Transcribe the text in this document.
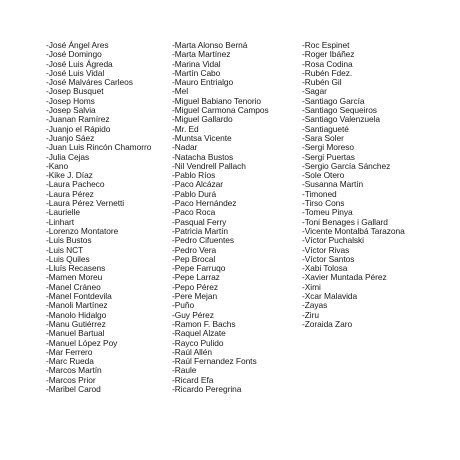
-José Ángel Ares
-José Domingo
-José Luis Ágreda
-José Luis Vidal
-José Malváres Carleos
-Josep Busquet
-Josep Homs
-Josep Salvia
-Juanan Ramírez
-Juanjo el Rápido
-Juanjo Sáez
-Juan Luis Rincón Chamorro
-Julia Cejas
-Kano
-Kike J. Díaz
-Laura Pacheco
-Laura Pérez
-Laura Pérez Vernetti
-Laurielle
-Linhart
-Lorenzo Montatore
-Luis Bustos
-Luis NCT
-Luis Quiles
-Lluís Recasens
-Mamen Moreu
-Manel Cráneo
-Manel Fontdevila
-Manoli Martínez
-Manolo Hidalgo
-Manu Gutiérrez
-Manuel Bartual
-Manuel López Poy
-Mar Ferrero
-Marc Rueda
-Marcos Martín
-Marcos Prior
-Maribel Carod
-Marta Alonso Berná
-Marta Martínez
-Marina Vidal
-Martín Cabo
-Mauro Entrialgo
-Mel
-Miguel Babiano Tenorio
-Miguel Carmona Campos
-Miguel Gallardo
-Mr. Ed
-Muntsa Vicente
-Nadar
-Natacha Bustos
-Nil Vendrell Pallach
-Pablo Ríos
-Paco Alcázar
-Pablo Durá
-Paco Hernández
-Paco Roca
-Pasqual Ferry
-Patricia Martín
-Pedro Cifuentes
-Pedro Vera
-Pep Brocal
-Pepe Farruqo
-Pepe Larraz
-Pepo Pérez
-Pere Mejan
-Puño
-Guy Pérez
-Ramon F. Bachs
-Raquel Alzate
-Rayco Pulido
-Raúl Allén
-Raúl Fernandez Fonts
-Raule
-Ricard Efa
-Ricardo Peregrina
-Roc Espinet
-Roger Ibáñez
-Rosa Codina
-Rubén Fdez.
-Rubén Gil
-Sagar
-Santiago García
-Santiago Sequeiros
-Santiago Valenzuela
-Santiagueté
-Sara Soler
-Sergi Moreso
-Sergi Puertas
-Sergio García Sánchez
-Sole Otero
-Susanna Martín
-Timoned
-Tirso Cons
-Tomeu Pinya
-Toni Benages i Gallard
-Vicente Montalbá Tarazona
-Víctor Puchalski
-Víctor Rivas
-Víctor Santos
-Xabi Tolosa
-Xavier Muntada Pérez
-Ximi
-Xcar Malavida
-Zayas
-Ziru
-Zoraida Zaro
